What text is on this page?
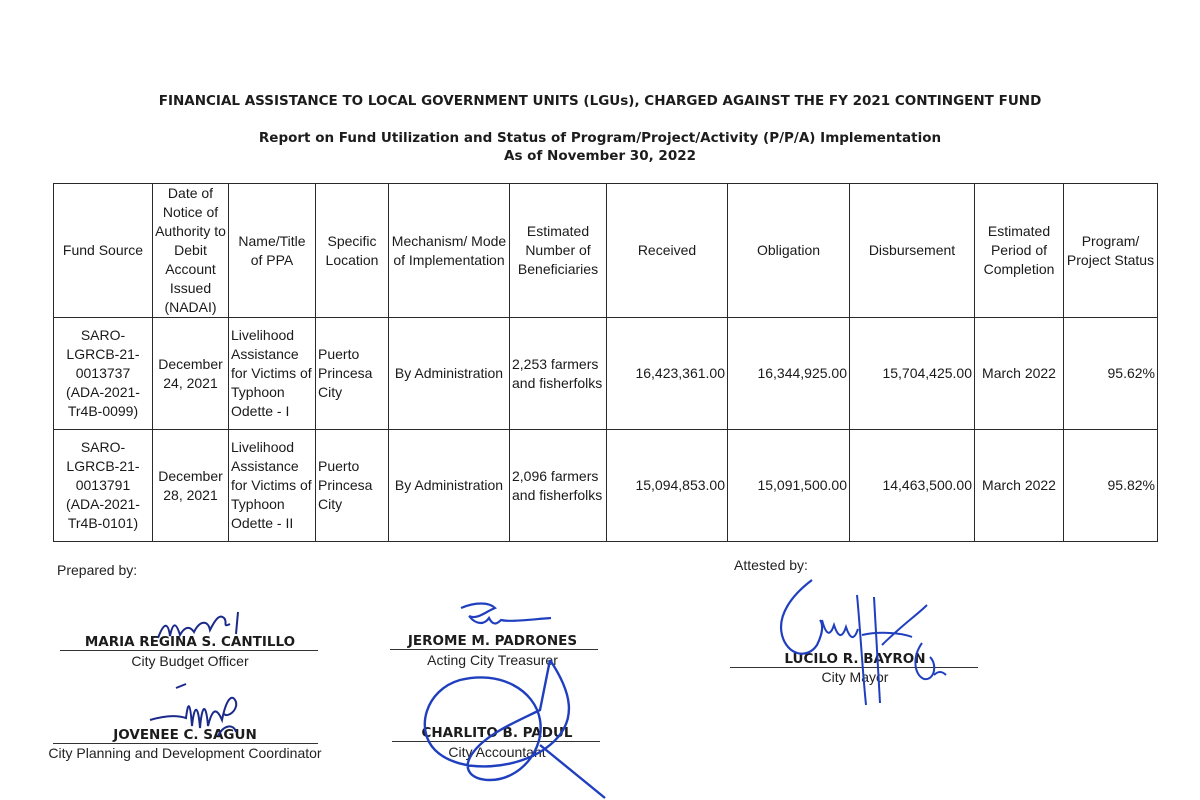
FINANCIAL ASSISTANCE TO LOCAL GOVERNMENT UNITS (LGUs), CHARGED AGAINST THE FY 2021 CONTINGENT FUND
Report on Fund Utilization and Status of Program/Project/Activity (P/P/A) Implementation
As of November 30, 2022
Fund Source	Date of Notice of Authority to Debit Account Issued (NADAI)	Name/Title of PPA	Specific Location	Mechanism/ Mode of Implementation	Estimated Number of Beneficiaries	Received	Obligation	Disbursement	Estimated Period of Completion	Program/ Project Status
SARO-LGRCB-21-0013737 (ADA-2021-Tr4B-0099)	December 24, 2021	Livelihood Assistance for Victims of Typhoon Odette - I	Puerto Princesa City	By Administration	2,253 farmers and fisherfolks	16,423,361.00	16,344,925.00	15,704,425.00	March 2022	95.62%
SARO-LGRCB-21-0013791 (ADA-2021-Tr4B-0101)	December 28, 2021	Livelihood Assistance for Victims of Typhoon Odette - II	Puerto Princesa City	By Administration	2,096 farmers and fisherfolks	15,094,853.00	15,091,500.00	14,463,500.00	March 2022	95.82%
Prepared by:	Attested by:
MARIA REGINA S. CANTILLO
City Budget Officer
JOVENEE C. SAGUN
City Planning and Development Coordinator
JEROME M. PADRONES
Acting City Treasurer
CHARLITO B. PADUL
City Accountant
LUCILO R. BAYRON
City Mayor
